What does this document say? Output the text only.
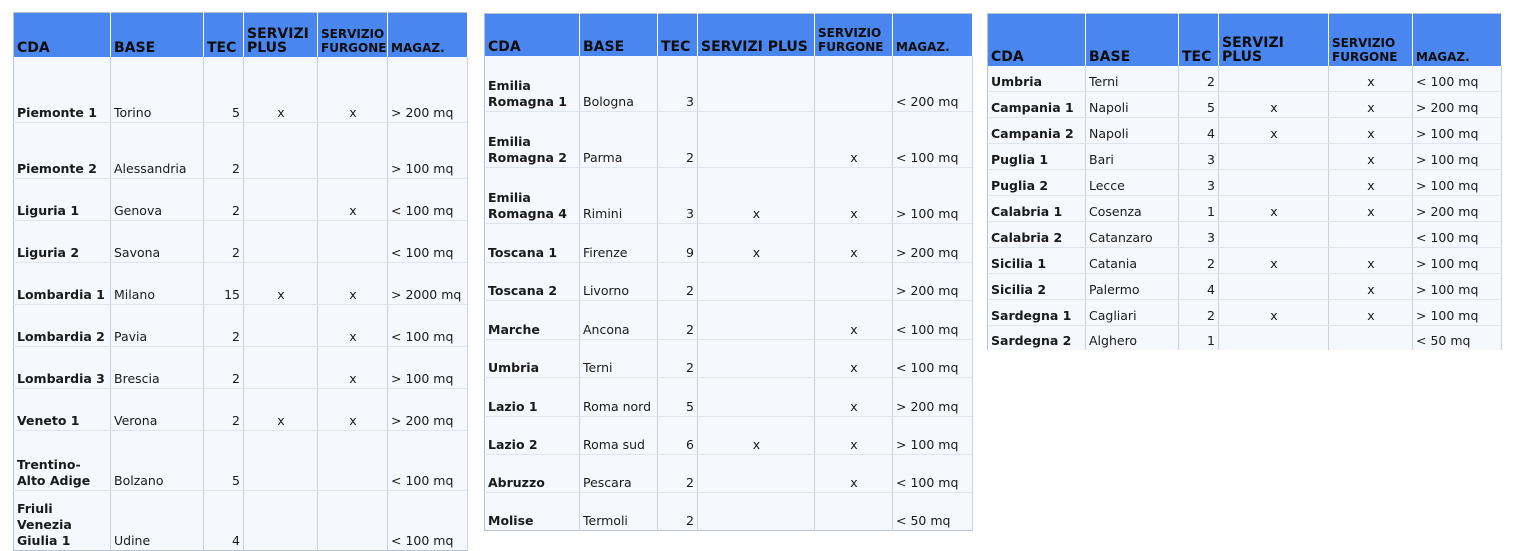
CDA	BASE	TEC	SERVIZI PLUS	SERVIZIO FURGONE	MAGAZ.
Piemonte 1	Torino	5	x	x	> 200 mq
Piemonte 2	Alessandria	2			> 100 mq
Liguria 1	Genova	2		x	< 100 mq
Liguria 2	Savona	2			< 100 mq
Lombardia 1	Milano	15	x	x	> 2000 mq
Lombardia 2	Pavia	2		x	< 100 mq
Lombardia 3	Brescia	2		x	> 100 mq
Veneto 1	Verona	2	x	x	> 200 mq
Trentino- Alto Adige	Bolzano	5			< 100 mq
Friuli Venezia Giulia 1	Udine	4			< 100 mq
CDA	BASE	TEC	SERVIZI PLUS	SERVIZIO FURGONE	MAGAZ.
Emilia Romagna 1	Bologna	3			< 200 mq
Emilia Romagna 2	Parma	2		x	< 100 mq
Emilia Romagna 4	Rimini	3	x	x	> 100 mq
Toscana 1	Firenze	9	x	x	> 200 mq
Toscana 2	Livorno	2			> 200 mq
Marche	Ancona	2		x	< 100 mq
Umbria	Terni	2		x	< 100 mq
Lazio 1	Roma nord	5		x	> 200 mq
Lazio 2	Roma sud	6	x	x	> 100 mq
Abruzzo	Pescara	2		x	< 100 mq
Molise	Termoli	2			< 50 mq
CDA	BASE	TEC	SERVIZI PLUS	SERVIZIO FURGONE	MAGAZ.
Umbria	Terni	2		x	< 100 mq
Campania 1	Napoli	5	x	x	> 200 mq
Campania 2	Napoli	4	x	x	> 100 mq
Puglia 1	Bari	3		x	> 100 mq
Puglia 2	Lecce	3		x	> 100 mq
Calabria 1	Cosenza	1	x	x	> 200 mq
Calabria 2	Catanzaro	3			< 100 mq
Sicilia 1	Catania	2	x	x	> 100 mq
Sicilia 2	Palermo	4		x	> 100 mq
Sardegna 1	Cagliari	2	x	x	> 100 mq
Sardegna 2	Alghero	1			< 50 mq
